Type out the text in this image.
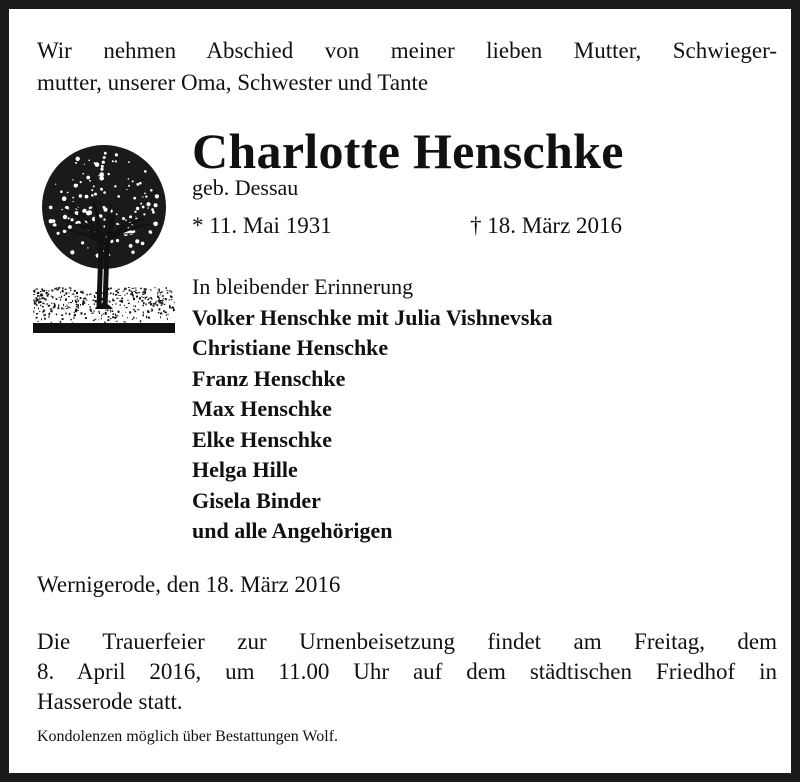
Wir nehmen Abschied von meiner lieben Mutter, Schwieger-
mutter, unserer Oma, Schwester und Tante
Charlotte Henschke
geb. Dessau
* 11. Mai 1931	† 18. März 2016
In bleibender Erinnerung
Volker Henschke mit Julia Vishnevska
Christiane Henschke
Franz Henschke
Max Henschke
Elke Henschke
Helga Hille
Gisela Binder
und alle Angehörigen
Wernigerode, den 18. März 2016
Die Trauerfeier zur Urnenbeisetzung findet am Freitag, dem
8. April 2016, um 11.00 Uhr auf dem städtischen Friedhof in
Hasserode statt.
Kondolenzen möglich über Bestattungen Wolf.
